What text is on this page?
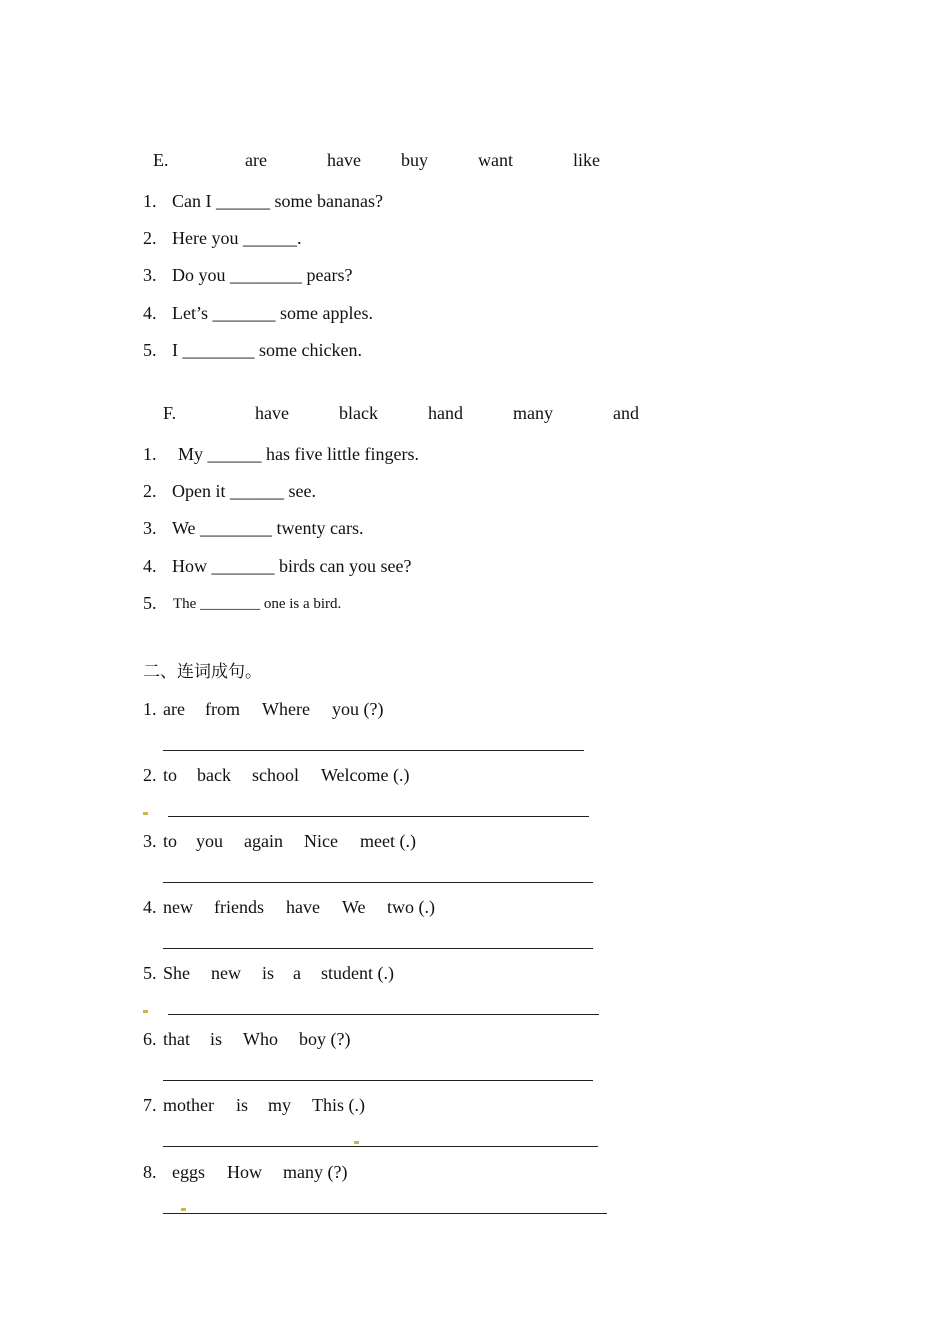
E.	are	have buy	want	like
1. Can I ______ some bananas?
2. Here you ______.
3. Do you ________ pears?
4. Let’s _______ some apples.
5. I ________ some chicken.
F.	have	black	hand	many	and
1. My ______ has five little fingers.
2. Open it ______ see.
3. We ________ twenty cars.
4. How _______ birds can you see?
5. The ________ one is a bird.
二、连词成句。
1. are from Where you (?)
2. to back school Welcome (.)
3. to you again Nice meet (.)
4. new friends have We two (.)
5. She new is a student (.)
6. that is Who boy (?)
7. mother is my This (.)
8. eggs How many (?)
